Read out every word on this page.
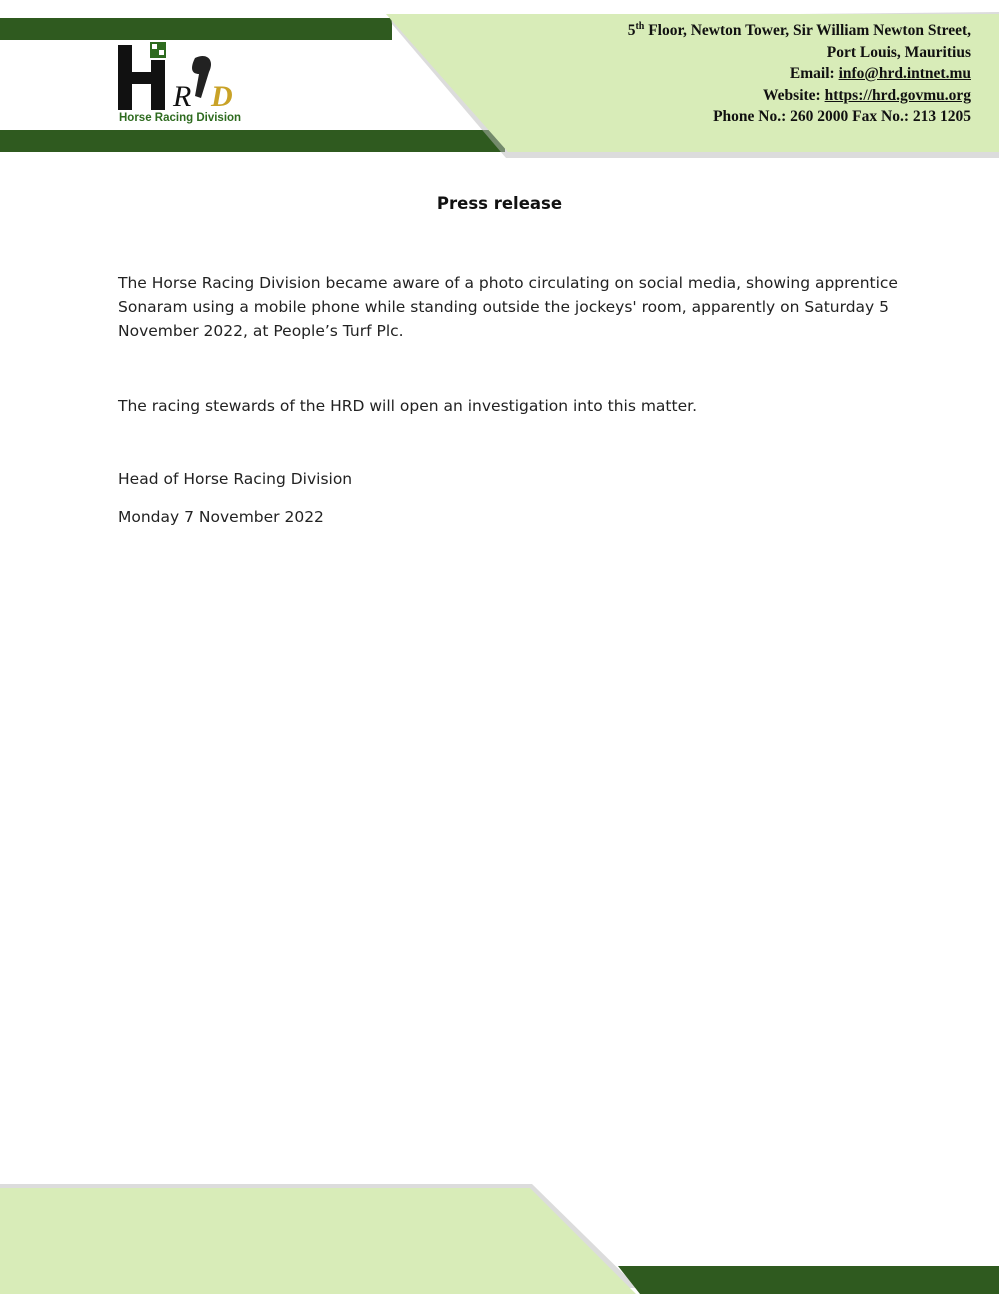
R D
Horse Racing Division
5th Floor, Newton Tower, Sir William Newton Street,
Port Louis, Mauritius
Email: info@hrd.intnet.mu
Website: https://hrd.govmu.org
Phone No.: 260 2000 Fax No.: 213 1205
Press release

The Horse Racing Division became aware of a photo circulating on social media, showing apprentice Sonaram using a mobile phone while standing outside the jockeys' room, apparently on Saturday 5 November 2022, at People’s Turf Plc.

The racing stewards of the HRD will open an investigation into this matter.

Head of Horse Racing Division

Monday 7 November 2022
